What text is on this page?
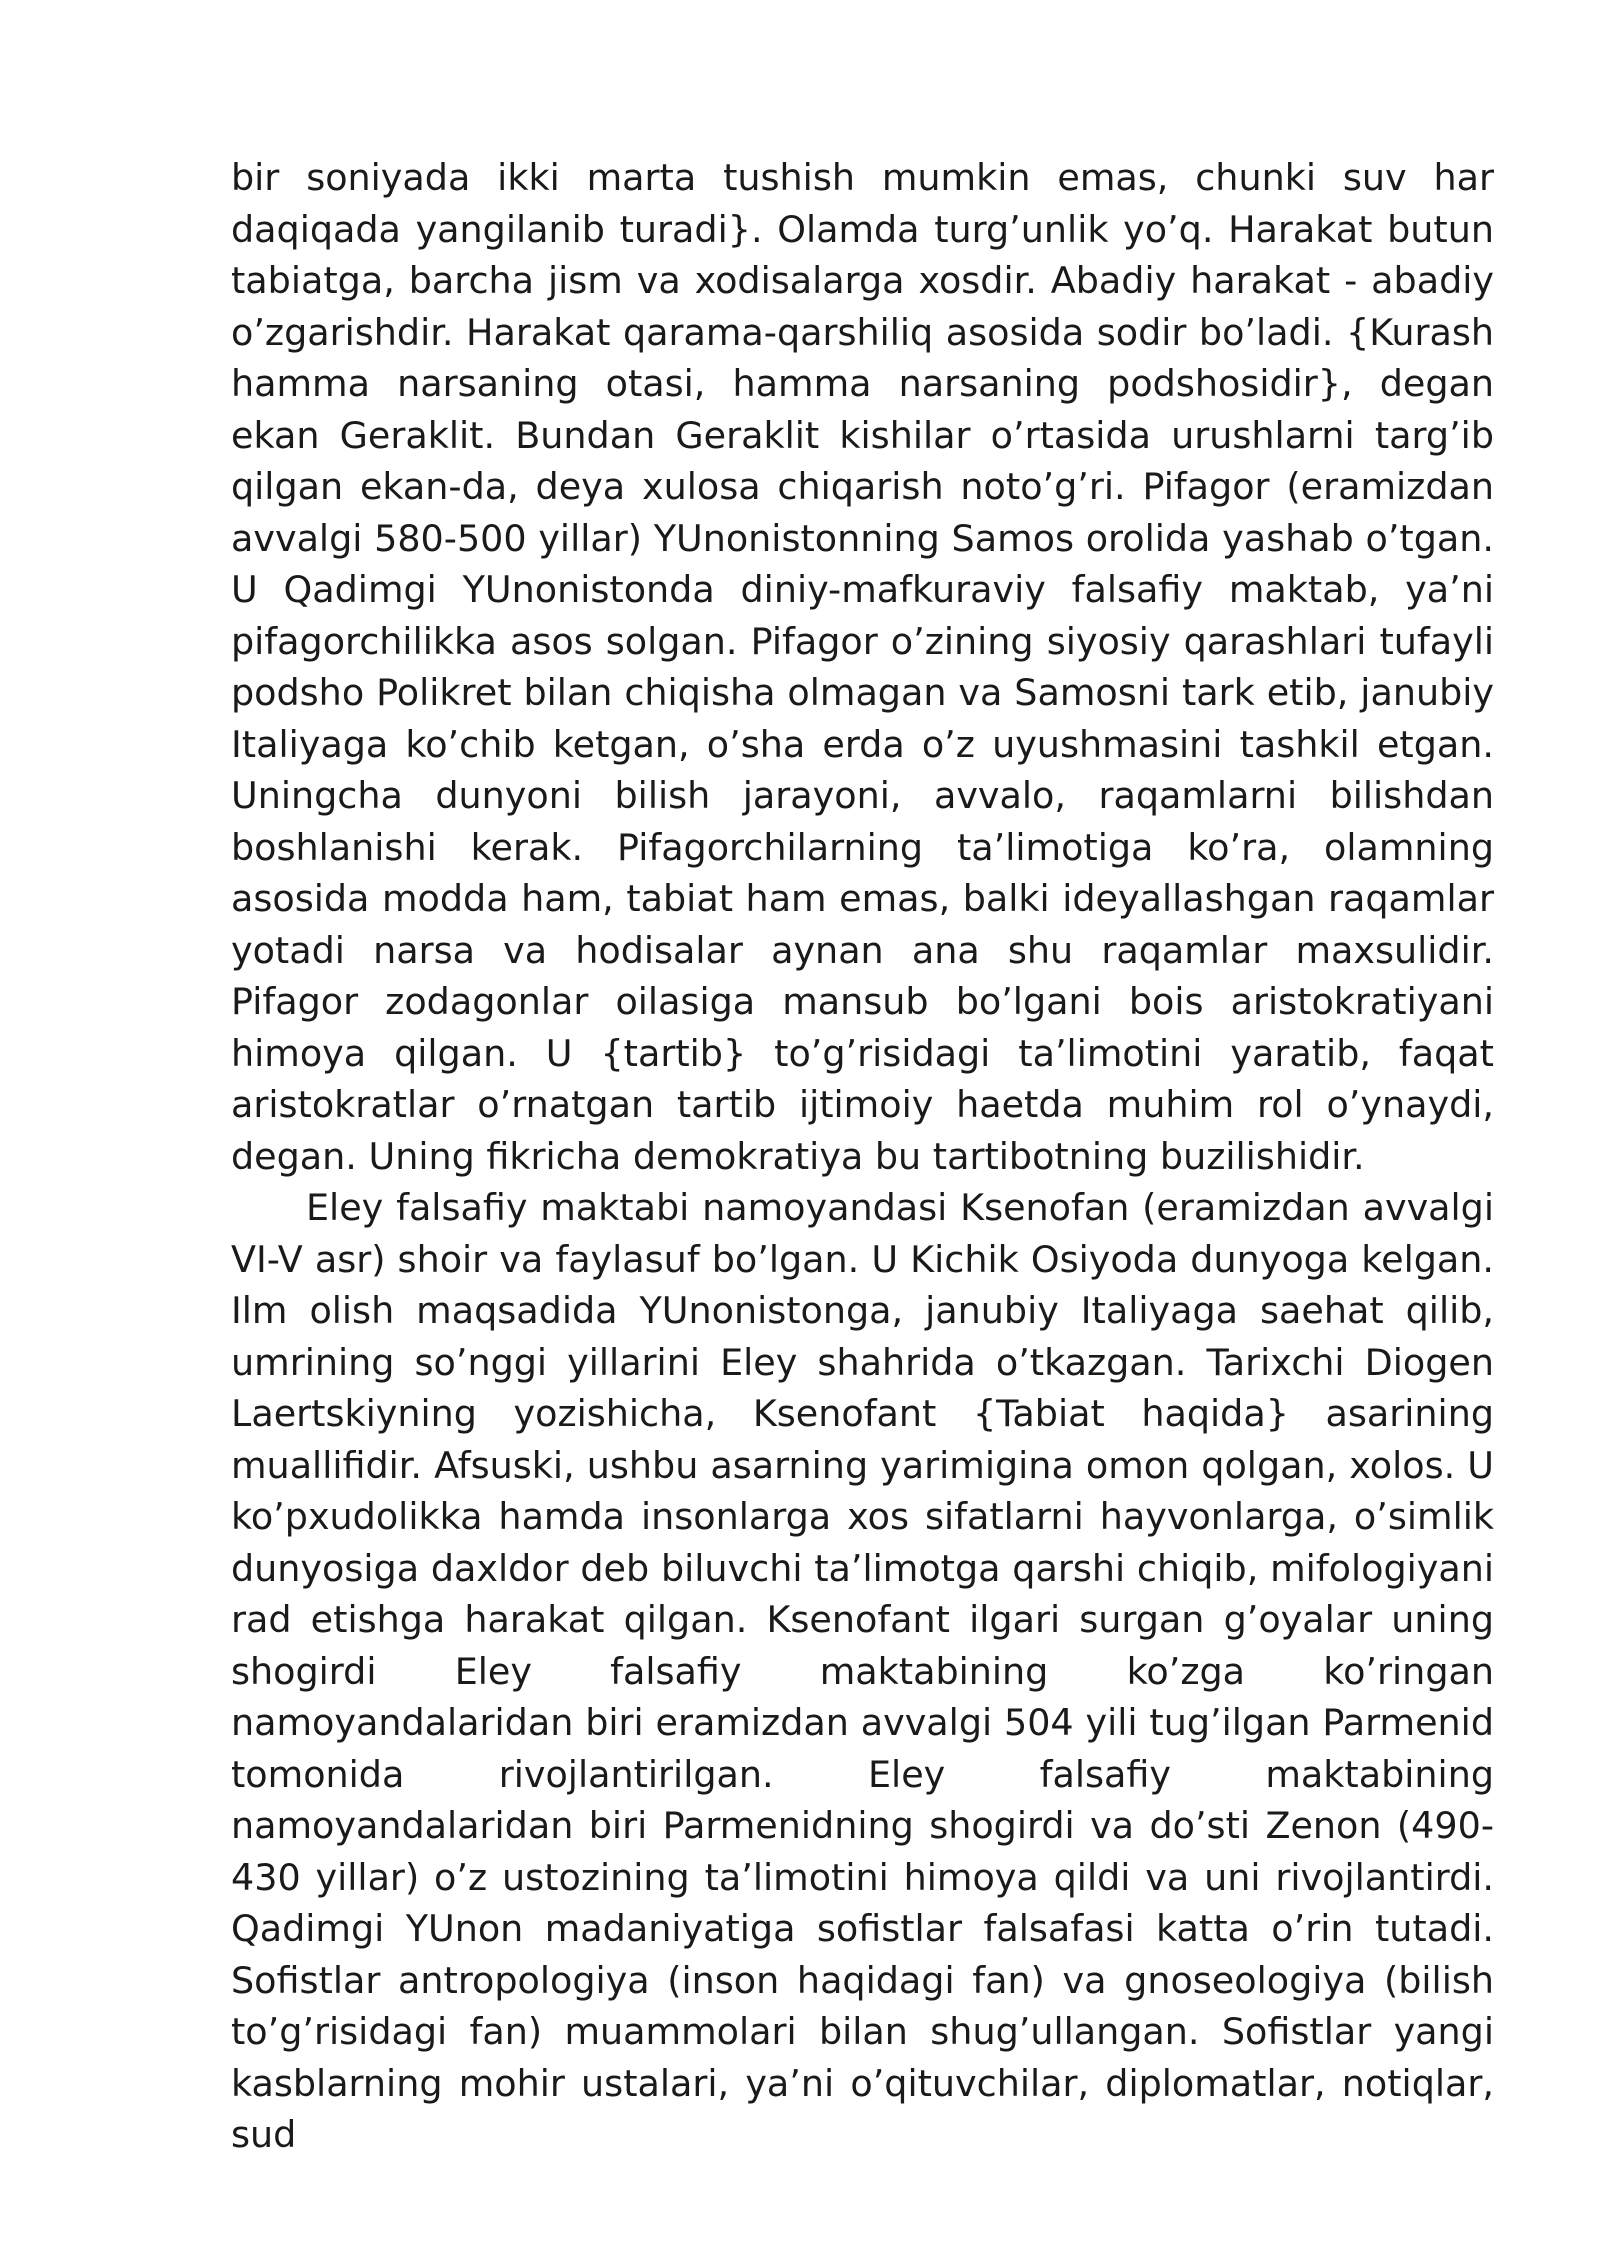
bir soniyada ikki marta tushish mumkin emas, chunki suv har daqiqada yangilanib turadi}. Olamda turg’unlik yo’q. Harakat butun tabiatga, barcha jism va xodisalarga xosdir. Abadiy harakat - abadiy o’zgarishdir. Harakat qarama-qarshiliq asosida sodir bo’ladi. {Kurash hamma narsaning otasi, hamma narsaning podshosidir}, degan ekan Geraklit. Bundan Geraklit kishilar o’rtasida urushlarni targ’ib qilgan ekan-da, deya xulosa chiqarish noto’g’ri. Pifagor (eramizdan avvalgi 580-500 yillar) YUnonistonning Samos orolida yashab o’tgan. U Qadimgi YUnonistonda diniy-mafkuraviy falsafiy maktab, ya’ni pifagorchilikka asos solgan. Pifagor o’zining siyosiy qarashlari tufayli podsho Polikret bilan chiqisha olmagan va Samosni tark etib, janubiy Italiyaga ko’chib ketgan, o’sha erda o’z uyushmasini tashkil etgan. Uningcha dunyoni bilish jarayoni, avvalo, raqamlarni bilishdan boshlanishi kerak. Pifagorchilarning ta’limotiga ko’ra, olamning asosida modda ham, tabiat ham emas, balki ideyallashgan raqamlar yotadi narsa va hodisalar aynan ana shu raqamlar maxsulidir. Pifagor zodagonlar oilasiga mansub bo’lgani bois aristokratiyani himoya qilgan. U {tartib} to’g’risidagi ta’limotini yaratib, faqat aristokratlar o’rnatgan tartib ijtimoiy haetda muhim rol o’ynaydi, degan. Uning fikricha demokratiya bu tartibotning buzilishidir.

Eley falsafiy maktabi namoyandasi Ksenofan (eramizdan avvalgi VI-V asr) shoir va faylasuf bo’lgan. U Kichik Osiyoda dunyoga kelgan. Ilm olish maqsadida YUnonistonga, janubiy Italiyaga saehat qilib, umrining so’nggi yillarini Eley shahrida o’tkazgan. Tarixchi Diogen Laertskiyning yozishicha, Ksenofant {Tabiat haqida} asarining muallifidir. Afsuski, ushbu asarning yarimigina omon qolgan, xolos. U ko’pxudolikka hamda insonlarga xos sifatlarni hayvonlarga, o’simlik dunyosiga daxldor deb biluvchi ta’limotga qarshi chiqib, mifologiyani rad etishga harakat qilgan. Ksenofant ilgari surgan g’oyalar uning shogirdi Eley falsafiy maktabining ko’zga ko’ringan namoyandalaridan biri eramizdan avvalgi 504 yili tug’ilgan Parmenid tomonida rivojlantirilgan. Eley falsafiy maktabining namoyandalaridan biri Parmenidning shogirdi va do’sti Zenon (490-430 yillar) o’z ustozining ta’limotini himoya qildi va uni rivojlantirdi. Qadimgi YUnon madaniyatiga sofistlar falsafasi katta o’rin tutadi. Sofistlar antropologiya (inson haqidagi fan) va gnoseologiya (bilish to’g’risidagi fan) muammolari bilan shug’ullangan. Sofistlar yangi kasblarning mohir ustalari, ya’ni o’qituvchilar, diplomatlar, notiqlar, sud
